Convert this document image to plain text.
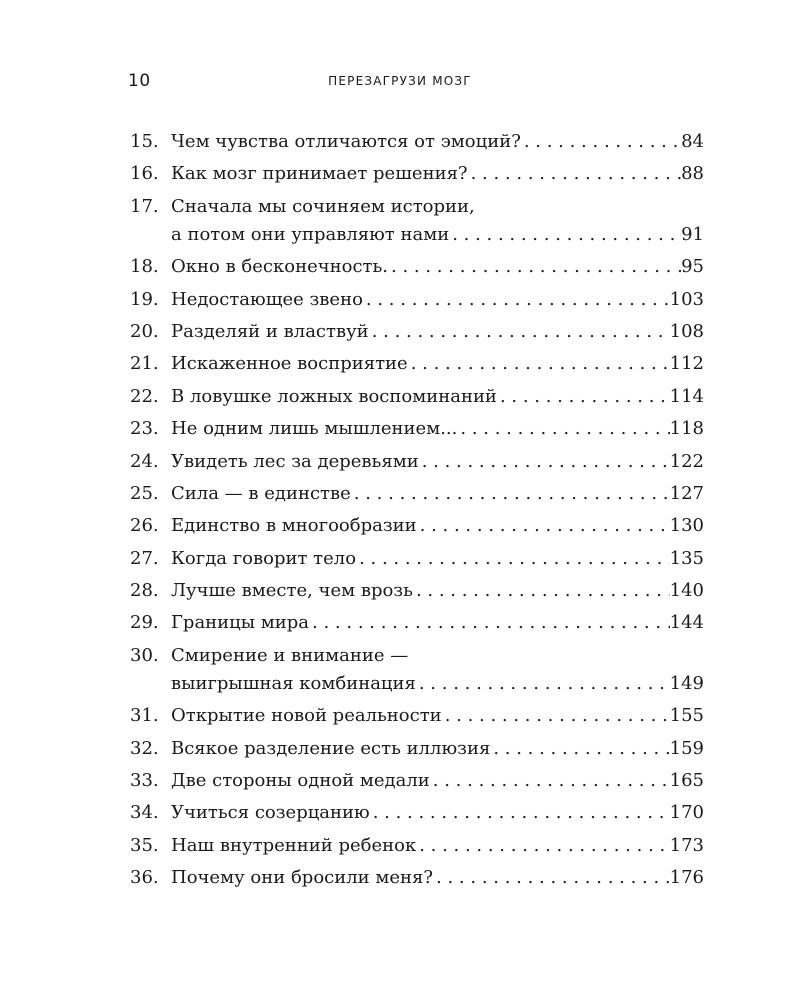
10	ПЕРЕЗАГРУЗИ МОЗГ
15. Чем чувства отличаются от эмоций? . . .	84
16. Как мозг принимает решения? . . .	88
17. Сначала мы сочиняем истории,
а потом они управляют нами . . .	91
18. Окно в бесконечность. . . .	95
19. Недостающее звено . . .	103
20. Разделяй и властвуй . . .	108
21. Искаженное восприятие . . .	112
22. В ловушке ложных воспоминаний . . .	114
23. Не одним лишь мышлением... . . .	118
24. Увидеть лес за деревьями . . .	122
25. Сила — в единстве . . .	127
26. Единство в многообразии . . .	130
27. Когда говорит тело . . .	135
28. Лучше вместе, чем врозь . . .	140
29. Границы мира . . .	144
30. Смирение и внимание —
выигрышная комбинация . . .	149
31. Открытие новой реальности . . .	155
32. Всякое разделение есть иллюзия . . .	159
33. Две стороны одной медали . . .	165
34. Учиться созерцанию . . .	170
35. Наш внутренний ребенок . . .	173
36. Почему они бросили меня? . . .	176
